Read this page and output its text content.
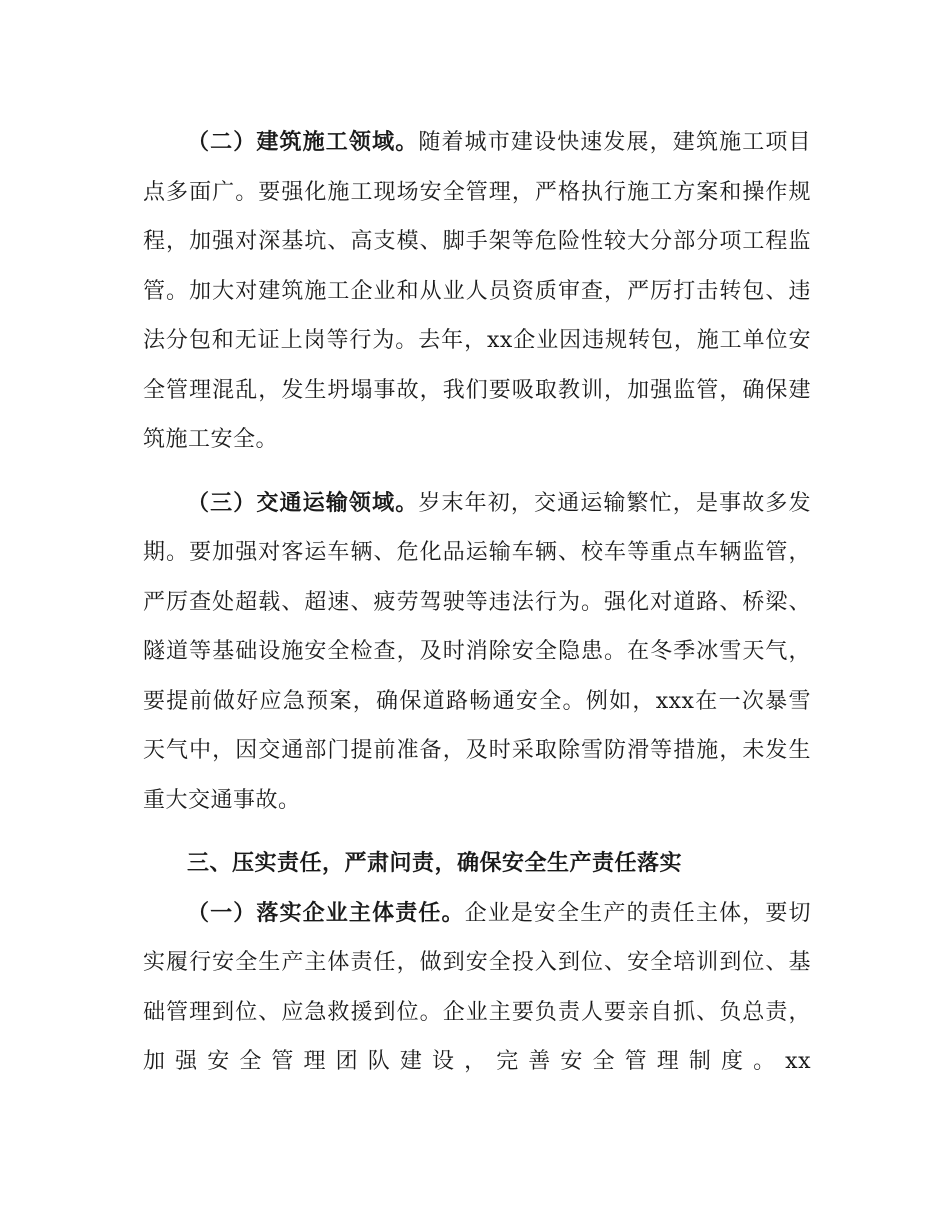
（二）建筑施工领域。随着城市建设快速发展，建筑施工项目点多面广。要强化施工现场安全管理，严格执行施工方案和操作规程，加强对深基坑、高支模、脚手架等危险性较大分部分项工程监管。加大对建筑施工企业和从业人员资质审查，严厉打击转包、违法分包和无证上岗等行为。去年，xx企业因违规转包，施工单位安全管理混乱，发生坍塌事故，我们要吸取教训，加强监管，确保建筑施工安全。

（三）交通运输领域。岁末年初，交通运输繁忙，是事故多发期。要加强对客运车辆、危化品运输车辆、校车等重点车辆监管，严厉查处超载、超速、疲劳驾驶等违法行为。强化对道路、桥梁、隧道等基础设施安全检查，及时消除安全隐患。在冬季冰雪天气，要提前做好应急预案，确保道路畅通安全。例如，xxx在一次暴雪天气中，因交通部门提前准备，及时采取除雪防滑等措施，未发生重大交通事故。

三、压实责任，严肃问责，确保安全生产责任落实

（一）落实企业主体责任。企业是安全生产的责任主体，要切实履行安全生产主体责任，做到安全投入到位、安全培训到位、基础管理到位、应急救援到位。企业主要负责人要亲自抓、负总责，加强安全管理团队建设，完善安全管理制度。xx
